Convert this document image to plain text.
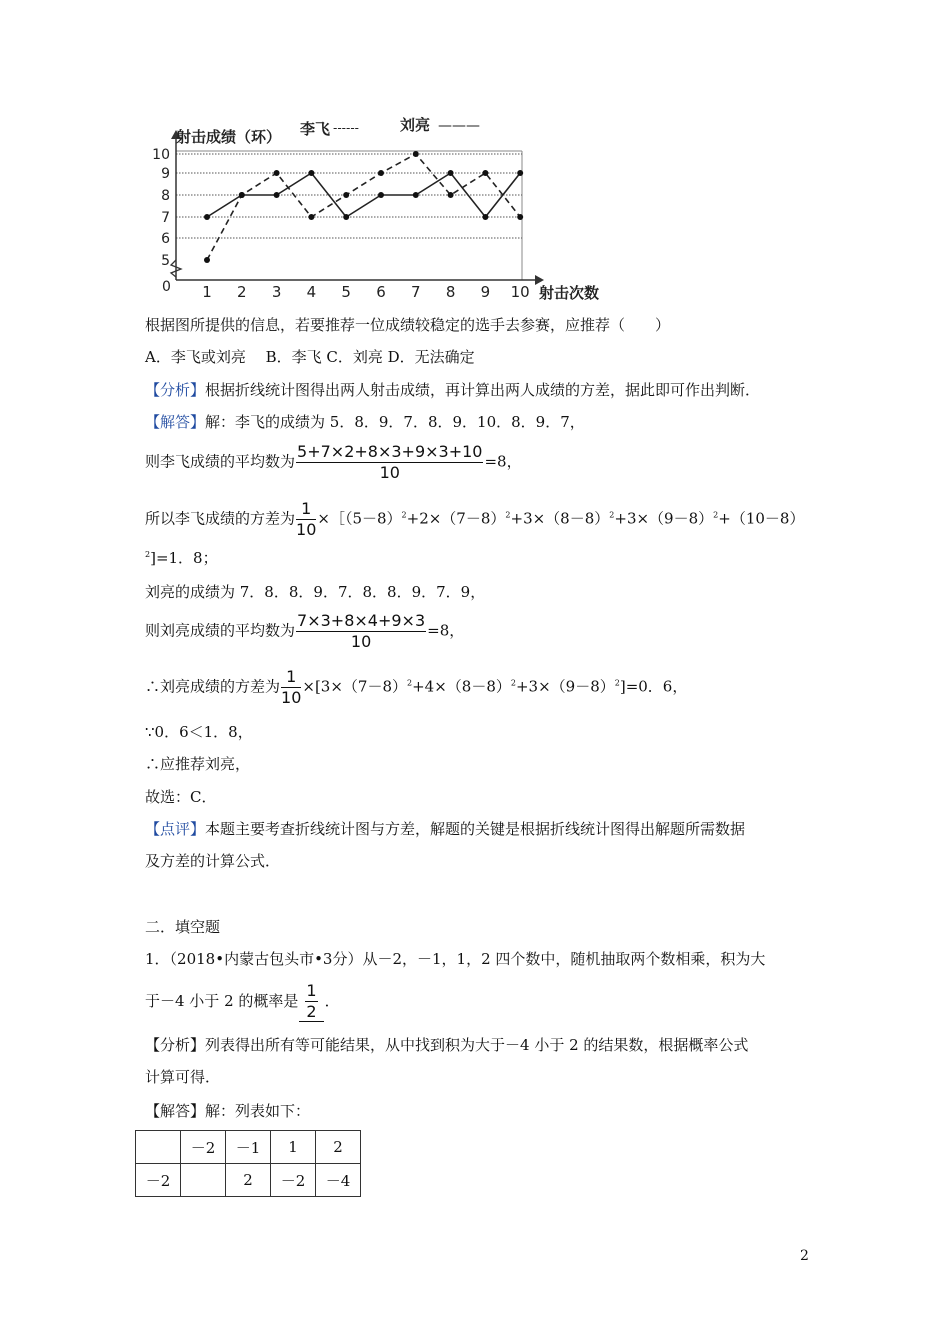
5
6
7
8
9
10
1 2 3 4 5 6 7 8 9 10
射击成绩（环） 李飞 ------	刘亮 ———
射击次数
0
根据图所提供的信息，若要推荐一位成绩较稳定的选手去参赛，应推荐（　　）
A．李飞或刘亮　 B．李飞 C．刘亮 D．无法确定
【分析】根据折线统计图得出两人射击成绩，再计算出两人成绩的方差，据此即可作出判断．
【解答】解：李飞的成绩为 5．8．9．7．8．9．10．8．9．7，
则李飞成绩的平均数为 $\frac{5+7\times 2+8\times 3+9\times 3+10}{10} =8$，
所以李飞成绩的方差为 $\frac{1}{10}$ $\times[(5-8)^2+2\times(7-8)^2+3\times(8-8)^2+3\times(9-8)^2+(10-8)$
$^2$]=1．8；
刘亮的成绩为 7．8．8．9．7．8．8．9．7．9，
则刘亮成绩的平均数为 $\frac{7\times 3+8\times 4+9\times 3}{10} =8$，
∴刘亮成绩的方差为 $\frac{1}{10} \times[3\times(7-8)^2+4\times(8-8)^2+3\times(9-8)^2]=0$．6，
∵0．6＜1．8，
∴应推荐刘亮，
故选：C．
【点评】本题主要考查折线统计图与方差，解题的关键是根据折线统计图得出解题所需数据
及方差的计算公式．
二．填空题
1．（2018•内蒙古包头市•3分）从－2，－1，1，2 四个数中，随机抽取两个数相乘，积为大
于－4 小于 2 的概率是 $\frac{1}{2}$ ．
【分析】列表得出所有等可能结果，从中找到积为大于－4 小于 2 的结果数，根据概率公式
计算可得．
【解答】解：列表如下：
	－2	－1	1	2
－2		2	－2	－4
2
